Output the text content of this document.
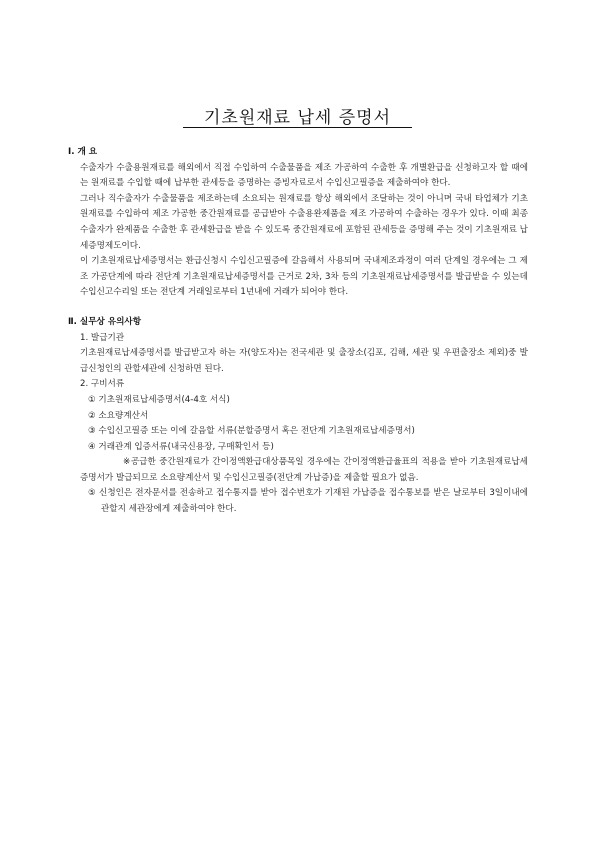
기초원재료 납세 증명서

Ⅰ. 개 요

수출자가 수출용원재료를 해외에서 직접 수입하여 수출물품을 제조 가공하여 수출한 후 개별환급을 신청하고자 할 때에는 원재료를 수입할 때에 납부한 관세등을 증명하는 증빙자료로서 수입신고필증을 제출하여야 한다.

그러나 직수출자가 수출물품을 제조하는데 소요되는 원재료를 항상 해외에서 조달하는 것이 아니며 국내 타업체가 기초원재료를 수입하여 제조 가공한 중간원재료를 공급받아 수출용완제품을 제조 가공하여 수출하는 경우가 있다. 이때 최종수출자가 완제품을 수출한 후 관세환급을 받을 수 있도록 중간원재료에 포함된 관세등을 증명해 주는 것이 기초원재료 납세증명제도이다.

이 기초원재료납세증명서는 환급신청시 수입신고필증에 갈음해서 사용되며 국내제조과정이 여러 단계일 경우에는 그 제조 가공단계에 따라 전단계 기초원재료납세증명서를 근거로 2차, 3차 등의 기초원재료납세증명서를 발급받을 수 있는데 수입신고수리일 또는 전단계 거래일로부터 1년내에 거래가 되어야 한다.

Ⅱ. 실무상 유의사항

1. 발급기관

기초원재료납세증명서를 발급받고자 하는 자(양도자)는 전국세관 및 출장소(김포, 김해, 세관 및 우편출장소 제외)중 발급신청인의 관할세관에 신청하면 된다.

2. 구비서류

① 기초원재료납세증명서(4-4호 서식)

② 소요량계산서

③ 수입신고필증 또는 이에 갈음할 서류(분할증명서 혹은 전단계 기초원재료납세증명서)

④ 거래관계 입증서류(내국신용장, 구매확인서 등)

※공급한 중간원재료가 간이정액환급대상품목일 경우에는 간이정액환급율표의 적용을 받아 기초원재료납세증명서가 발급되므로 소요량계산서 및 수입신고필증(전단계 가납증)을 제출할 필요가 없음.

⑤ 신청인은 전자문서를 전송하고 접수통지를 받아 접수번호가 기재된 가납증을 접수통보를 받은 날로부터 3일이내에 관할지 세관장에게 제출하여야 한다.
